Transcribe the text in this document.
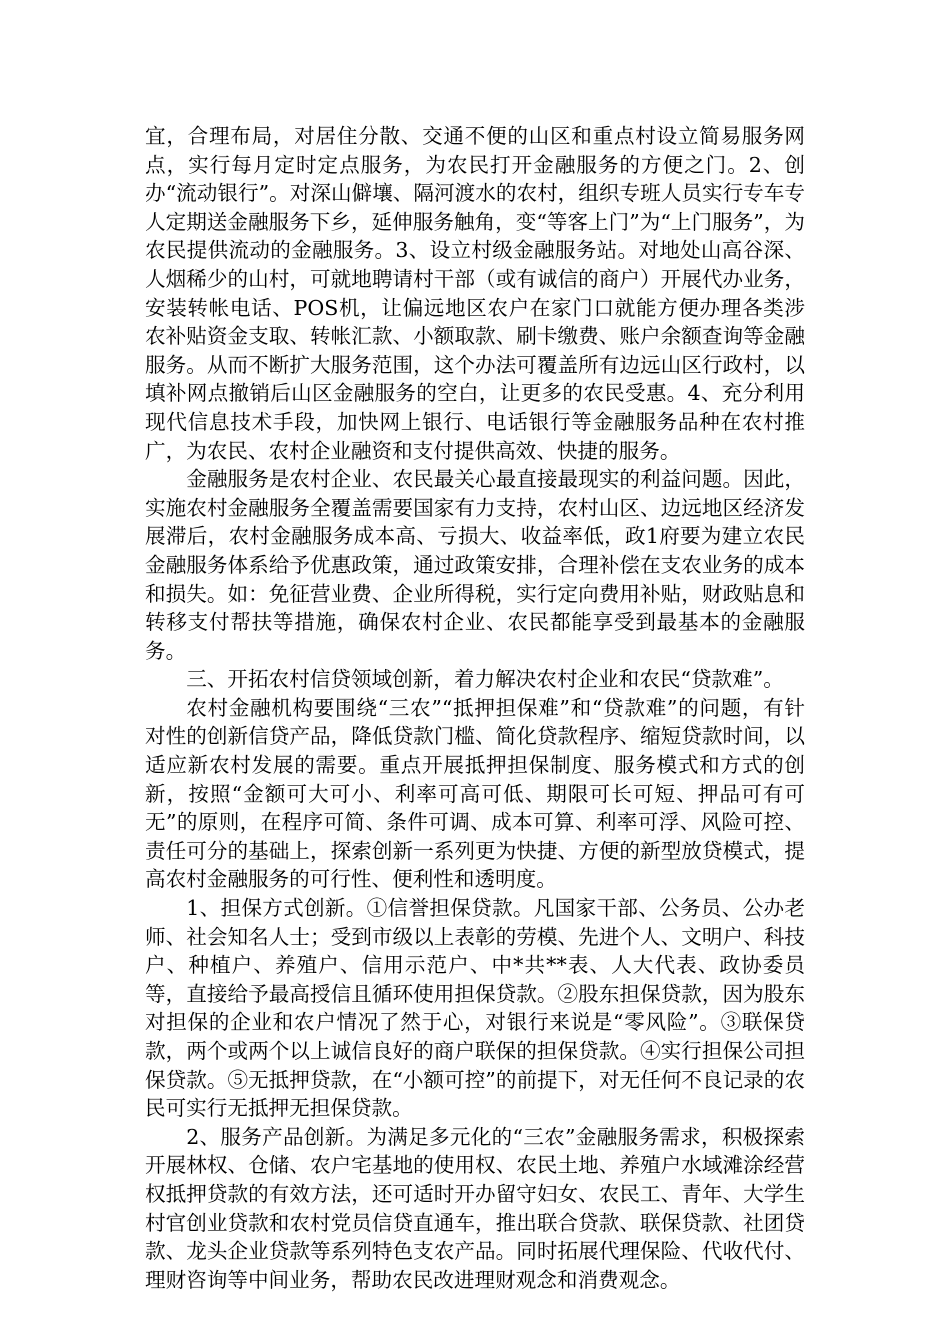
宜，合理布局，对居住分散、交通不便的山区和重点村设立简易服务网点，实行每月定时定点服务，为农民打开金融服务的方便之门。2、创办“流动银行”。对深山僻壤、隔河渡水的农村，组织专班人员实行专车专人定期送金融服务下乡，延伸服务触角，变“等客上门”为“上门服务”，为农民提供流动的金融服务。3、设立村级金融服务站。对地处山高谷深、人烟稀少的山村，可就地聘请村干部（或有诚信的商户）开展代办业务，安装转帐电话、POS机，让偏远地区农户在家门口就能方便办理各类涉农补贴资金支取、转帐汇款、小额取款、刷卡缴费、账户余额查询等金融服务。从而不断扩大服务范围，这个办法可覆盖所有边远山区行政村，以填补网点撤销后山区金融服务的空白，让更多的农民受惠。4、充分利用现代信息技术手段，加快网上银行、电话银行等金融服务品种在农村推广，为农民、农村企业融资和支付提供高效、快捷的服务。

金融服务是农村企业、农民最关心最直接最现实的利益问题。因此，实施农村金融服务全覆盖需要国家有力支持，农村山区、边远地区经济发展滞后，农村金融服务成本高、亏损大、收益率低，政1府要为建立农民金融服务体系给予优惠政策，通过政策安排，合理补偿在支农业务的成本和损失。如：免征营业费、企业所得税，实行定向费用补贴，财政贴息和转移支付帮扶等措施，确保农村企业、农民都能享受到最基本的金融服务。

三、开拓农村信贷领域创新，着力解决农村企业和农民“贷款难”。

农村金融机构要围绕“三农”“抵押担保难”和“贷款难”的问题，有针对性的创新信贷产品，降低贷款门槛、简化贷款程序、缩短贷款时间，以适应新农村发展的需要。重点开展抵押担保制度、服务模式和方式的创新，按照“金额可大可小、利率可高可低、期限可长可短、押品可有可无”的原则，在程序可简、条件可调、成本可算、利率可浮、风险可控、责任可分的基础上，探索创新一系列更为快捷、方便的新型放贷模式，提高农村金融服务的可行性、便利性和透明度。

1、担保方式创新。①信誉担保贷款。凡国家干部、公务员、公办老师、社会知名人士；受到市级以上表彰的劳模、先进个人、文明户、科技户、种植户、养殖户、信用示范户、中*共**表、人大代表、政协委员等，直接给予最高授信且循环使用担保贷款。②股东担保贷款，因为股东对担保的企业和农户情况了然于心，对银行来说是“零风险”。③联保贷款，两个或两个以上诚信良好的商户联保的担保贷款。④实行担保公司担保贷款。⑤无抵押贷款，在“小额可控”的前提下，对无任何不良记录的农民可实行无抵押无担保贷款。

2、服务产品创新。为满足多元化的“三农”金融服务需求，积极探索开展林权、仓储、农户宅基地的使用权、农民土地、养殖户水域滩涂经营权抵押贷款的有效方法，还可适时开办留守妇女、农民工、青年、大学生村官创业贷款和农村党员信贷直通车，推出联合贷款、联保贷款、社团贷款、龙头企业贷款等系列特色支农产品。同时拓展代理保险、代收代付、理财咨询等中间业务，帮助农民改进理财观念和消费观念。
